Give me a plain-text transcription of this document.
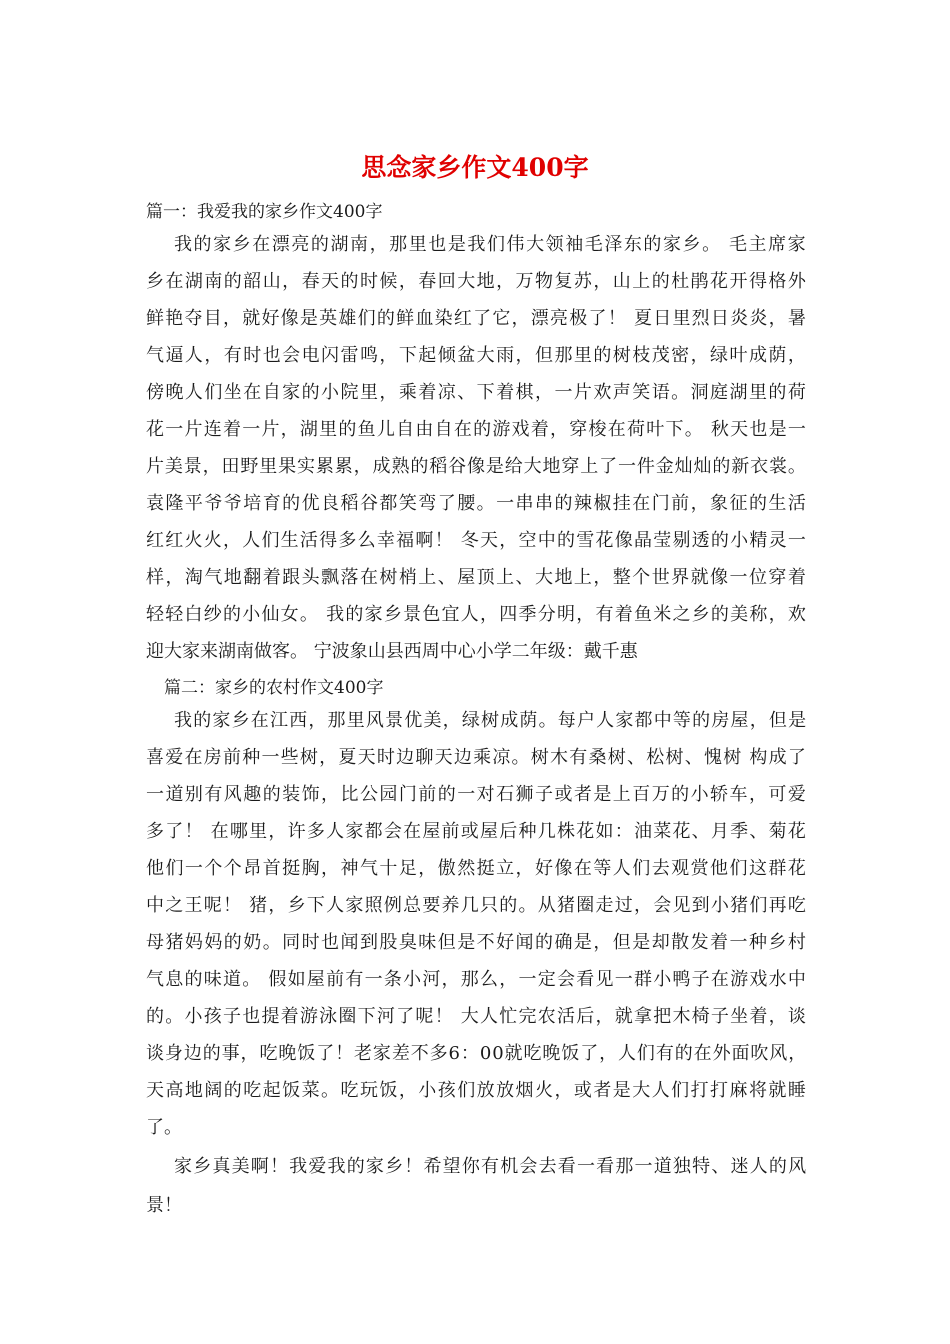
思念家乡作文400字
篇一：我爱我的家乡作文400字
我的家乡在漂亮的湖南，那里也是我们伟大领袖毛泽东的家乡。 毛主席家
乡在湖南的韶山，春天的时候，春回大地，万物复苏，山上的杜鹃花开得格外
鲜艳夺目，就好像是英雄们的鲜血染红了它，漂亮极了！ 夏日里烈日炎炎，暑
气逼人，有时也会电闪雷鸣，下起倾盆大雨，但那里的树枝茂密，绿叶成荫，
傍晚人们坐在自家的小院里，乘着凉、下着棋，一片欢声笑语。洞庭湖里的荷
花一片连着一片，湖里的鱼儿自由自在的游戏着，穿梭在荷叶下。 秋天也是一
片美景，田野里果实累累，成熟的稻谷像是给大地穿上了一件金灿灿的新衣裳。
袁隆平爷爷培育的优良稻谷都笑弯了腰。一串串的辣椒挂在门前，象征的生活
红红火火，人们生活得多么幸福啊！ 冬天，空中的雪花像晶莹剔透的小精灵一
样，淘气地翻着跟头飘落在树梢上、屋顶上、大地上，整个世界就像一位穿着
轻轻白纱的小仙女。 我的家乡景色宜人，四季分明，有着鱼米之乡的美称，欢
迎大家来湖南做客。 宁波象山县西周中心小学二年级：戴千惠
篇二：家乡的农村作文400字
我的家乡在江西，那里风景优美，绿树成荫。每户人家都中等的房屋，但是
喜爱在房前种一些树，夏天时边聊天边乘凉。树木有桑树、松树、愧树 构成了
一道别有风趣的装饰，比公园门前的一对石狮子或者是上百万的小轿车，可爱
多了！ 在哪里，许多人家都会在屋前或屋后种几株花如：油菜花、月季、菊花
他们一个个昂首挺胸，神气十足，傲然挺立，好像在等人们去观赏他们这群花
中之王呢！ 猪，乡下人家照例总要养几只的。从猪圈走过，会见到小猪们再吃
母猪妈妈的奶。同时也闻到股臭味但是不好闻的确是，但是却散发着一种乡村
气息的味道。 假如屋前有一条小河，那么，一定会看见一群小鸭子在游戏水中
的。小孩子也提着游泳圈下河了呢！ 大人忙完农活后，就拿把木椅子坐着，谈
谈身边的事，吃晚饭了！老家差不多6：00就吃晚饭了，人们有的在外面吹风，
天高地阔的吃起饭菜。吃玩饭，小孩们放放烟火，或者是大人们打打麻将就睡
了。
家乡真美啊！我爱我的家乡！希望你有机会去看一看那一道独特、迷人的风
景！
